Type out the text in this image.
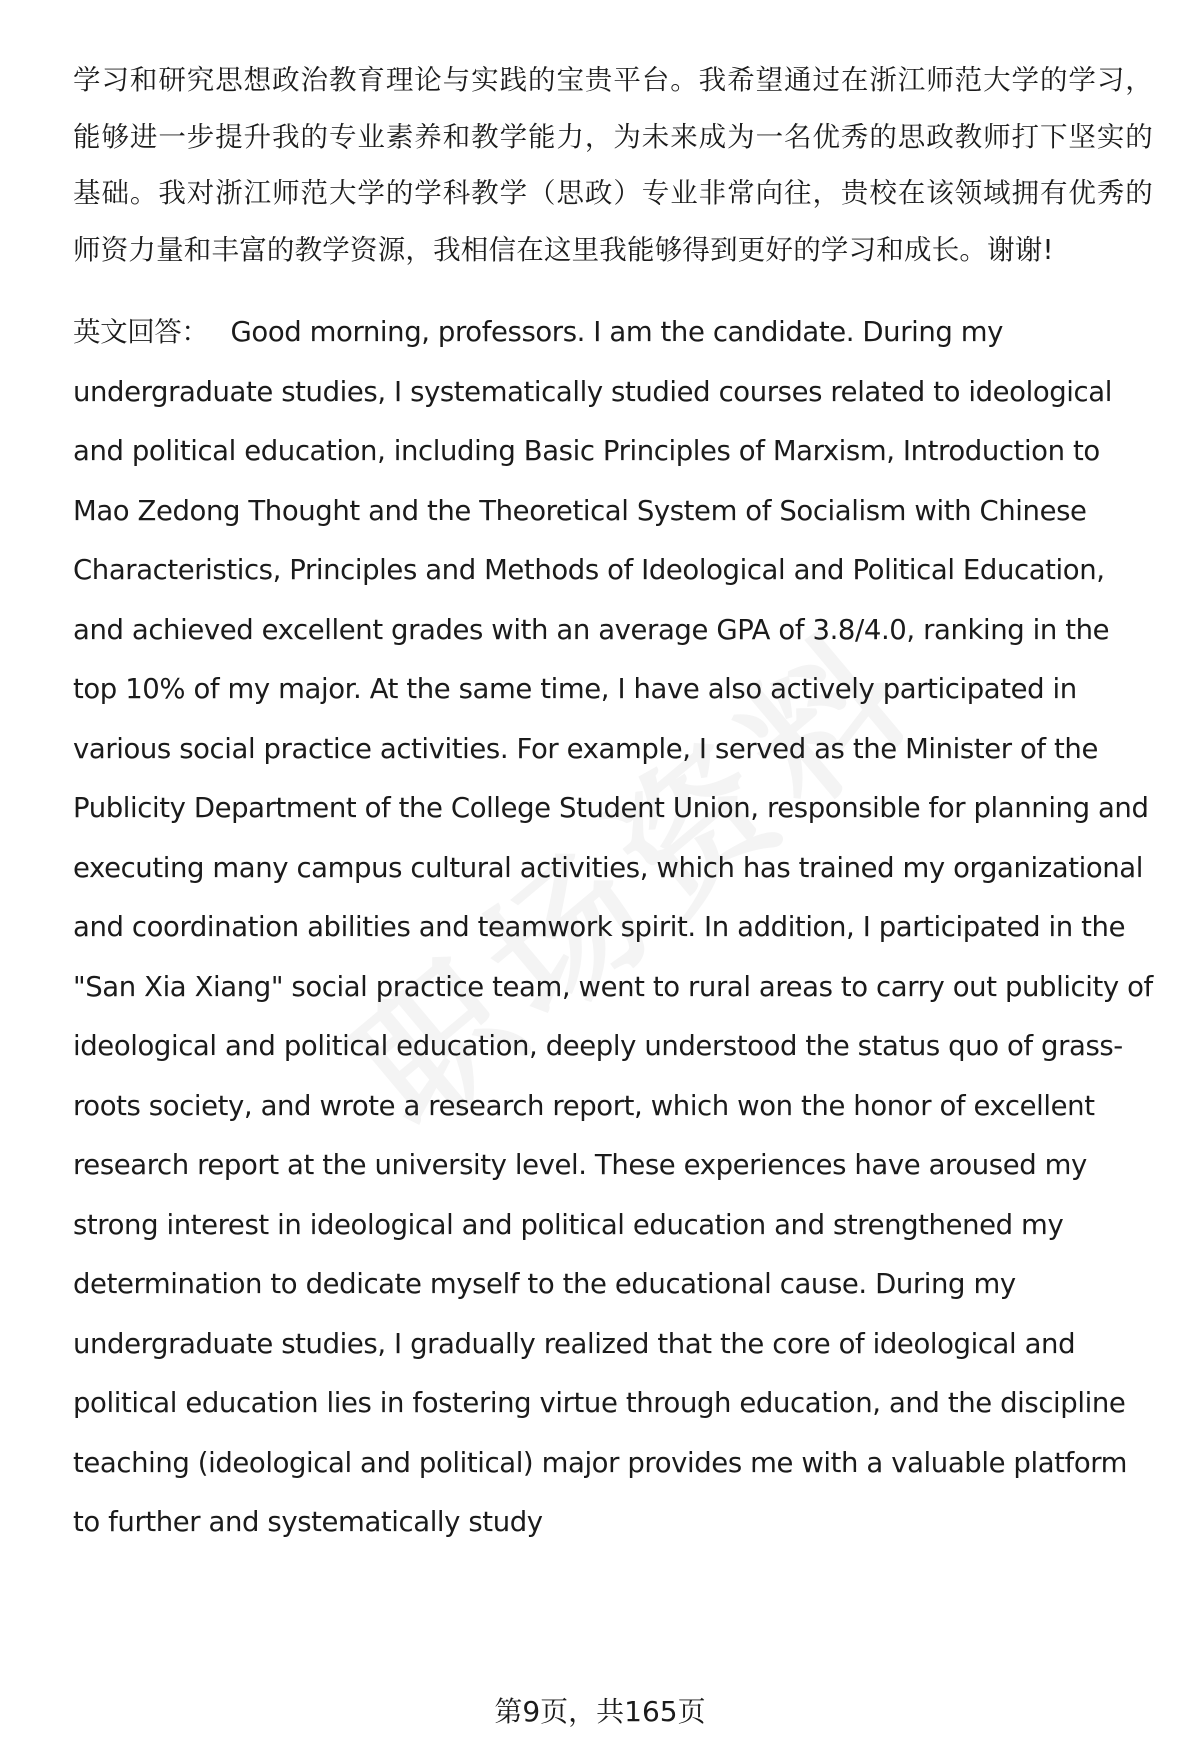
学习和研究思想政治教育理论与实践的宝贵平台。我希望通过在浙江师范大学的学习，能够进一步提升我的专业素养和教学能力，为未来成为一名优秀的思政教师打下坚实的基础。我对浙江师范大学的学科教学（思政）专业非常向往，贵校在该领域拥有优秀的师资力量和丰富的教学资源，我相信在这里我能够得到更好的学习和成长。谢谢!

英文回答： Good morning, professors. I am the candidate. During my undergraduate studies, I systematically studied courses related to ideological and political education, including Basic Principles of Marxism, Introduction to Mao Zedong Thought and the Theoretical System of Socialism with Chinese Characteristics, Principles and Methods of Ideological and Political Education, and achieved excellent grades with an average GPA of 3.8/4.0, ranking in the top 10% of my major. At the same time, I have also actively participated in various social practice activities. For example, I served as the Minister of the Publicity Department of the College Student Union, responsible for planning and executing many campus cultural activities, which has trained my organizational and coordination abilities and teamwork spirit. In addition, I participated in the "San Xia Xiang" social practice team, went to rural areas to carry out publicity of ideological and political education, deeply understood the status quo of grass-roots society, and wrote a research report, which won the honor of excellent research report at the university level. These experiences have aroused my strong interest in ideological and political education and strengthened my determination to dedicate myself to the educational cause. During my undergraduate studies, I gradually realized that the core of ideological and political education lies in fostering virtue through education, and the discipline teaching (ideological and political) major provides me with a valuable platform to further and systematically study

第9页，共165页
